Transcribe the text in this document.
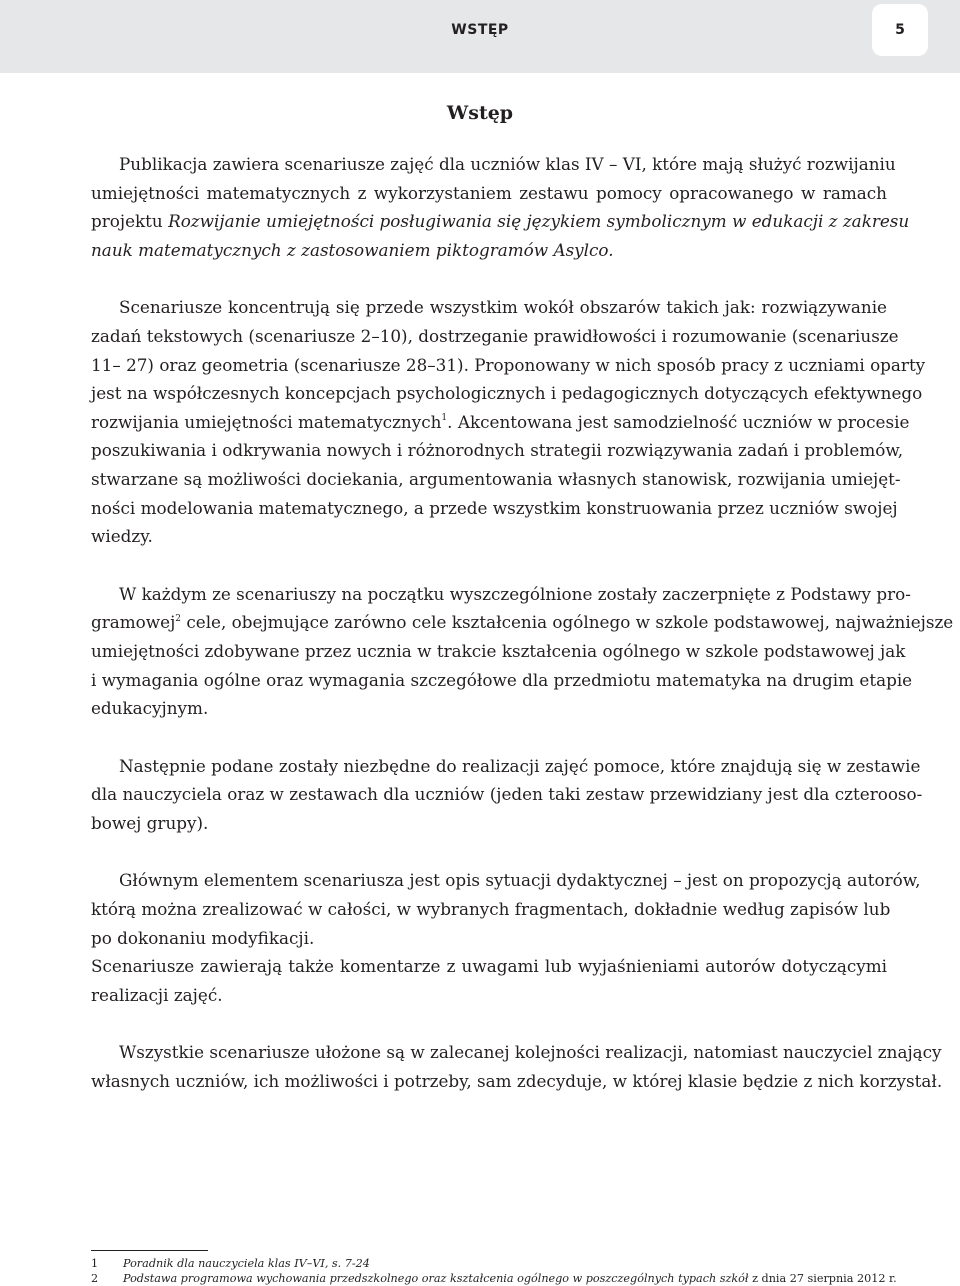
WSTĘP	5
Wstęp
Publikacja zawiera scenariusze zajęć dla uczniów klas IV – VI, które mają służyć rozwijaniu
umiejętności matematycznych z wykorzystaniem zestawu pomocy opracowanego w ramach
projektu Rozwijanie umiejętności posługiwania się językiem symbolicznym w edukacji z zakresu
nauk matematycznych z zastosowaniem piktogramów Asylco.
Scenariusze koncentrują się przede wszystkim wokół obszarów takich jak: rozwiązywanie
zadań tekstowych (scenariusze 2–10), dostrzeganie prawidłowości i rozumowanie (scenariusze
11– 27) oraz geometria (scenariusze 28–31). Proponowany w nich sposób pracy z uczniami oparty
jest na współczesnych koncepcjach psychologicznych i pedagogicznych dotyczących efektywnego
rozwijania umiejętności matematycznych$^1$. Akcentowana jest samodzielność uczniów w procesie
poszukiwania i odkrywania nowych i różnorodnych strategii rozwiązywania zadań i problemów,
stwarzane są możliwości dociekania, argumentowania własnych stanowisk, rozwijania umiejęt-
ności modelowania matematycznego, a przede wszystkim konstruowania przez uczniów swojej
wiedzy.
W każdym ze scenariuszy na początku wyszczególnione zostały zaczerpnięte z Podstawy pro-
gramowej$^2$ cele, obejmujące zarówno cele kształcenia ogólnego w szkole podstawowej, najważniejsze
umiejętności zdobywane przez ucznia w trakcie kształcenia ogólnego w szkole podstawowej jak
i wymagania ogólne oraz wymagania szczegółowe dla przedmiotu matematyka na drugim etapie
edukacyjnym.
Następnie podane zostały niezbędne do realizacji zajęć pomoce, które znajdują się w zestawie
dla nauczyciela oraz w zestawach dla uczniów (jeden taki zestaw przewidziany jest dla czterooso-
bowej grupy).
Głównym elementem scenariusza jest opis sytuacji dydaktycznej – jest on propozycją autorów,
którą można zrealizować w całości, w wybranych fragmentach, dokładnie według zapisów lub
po dokonaniu modyfikacji.
Scenariusze zawierają także komentarze z uwagami lub wyjaśnieniami autorów dotyczącymi
realizacji zajęć.
Wszystkie scenariusze ułożone są w zalecanej kolejności realizacji, natomiast nauczyciel znający
własnych uczniów, ich możliwości i potrzeby, sam zdecyduje, w której klasie będzie z nich korzystał.
1 Poradnik dla nauczyciela klas IV–VI, s. 7-24
2 Podstawa programowa wychowania przedszkolnego oraz kształcenia ogólnego w poszczególnych typach szkół z dnia 27 sierpnia 2012 r.
